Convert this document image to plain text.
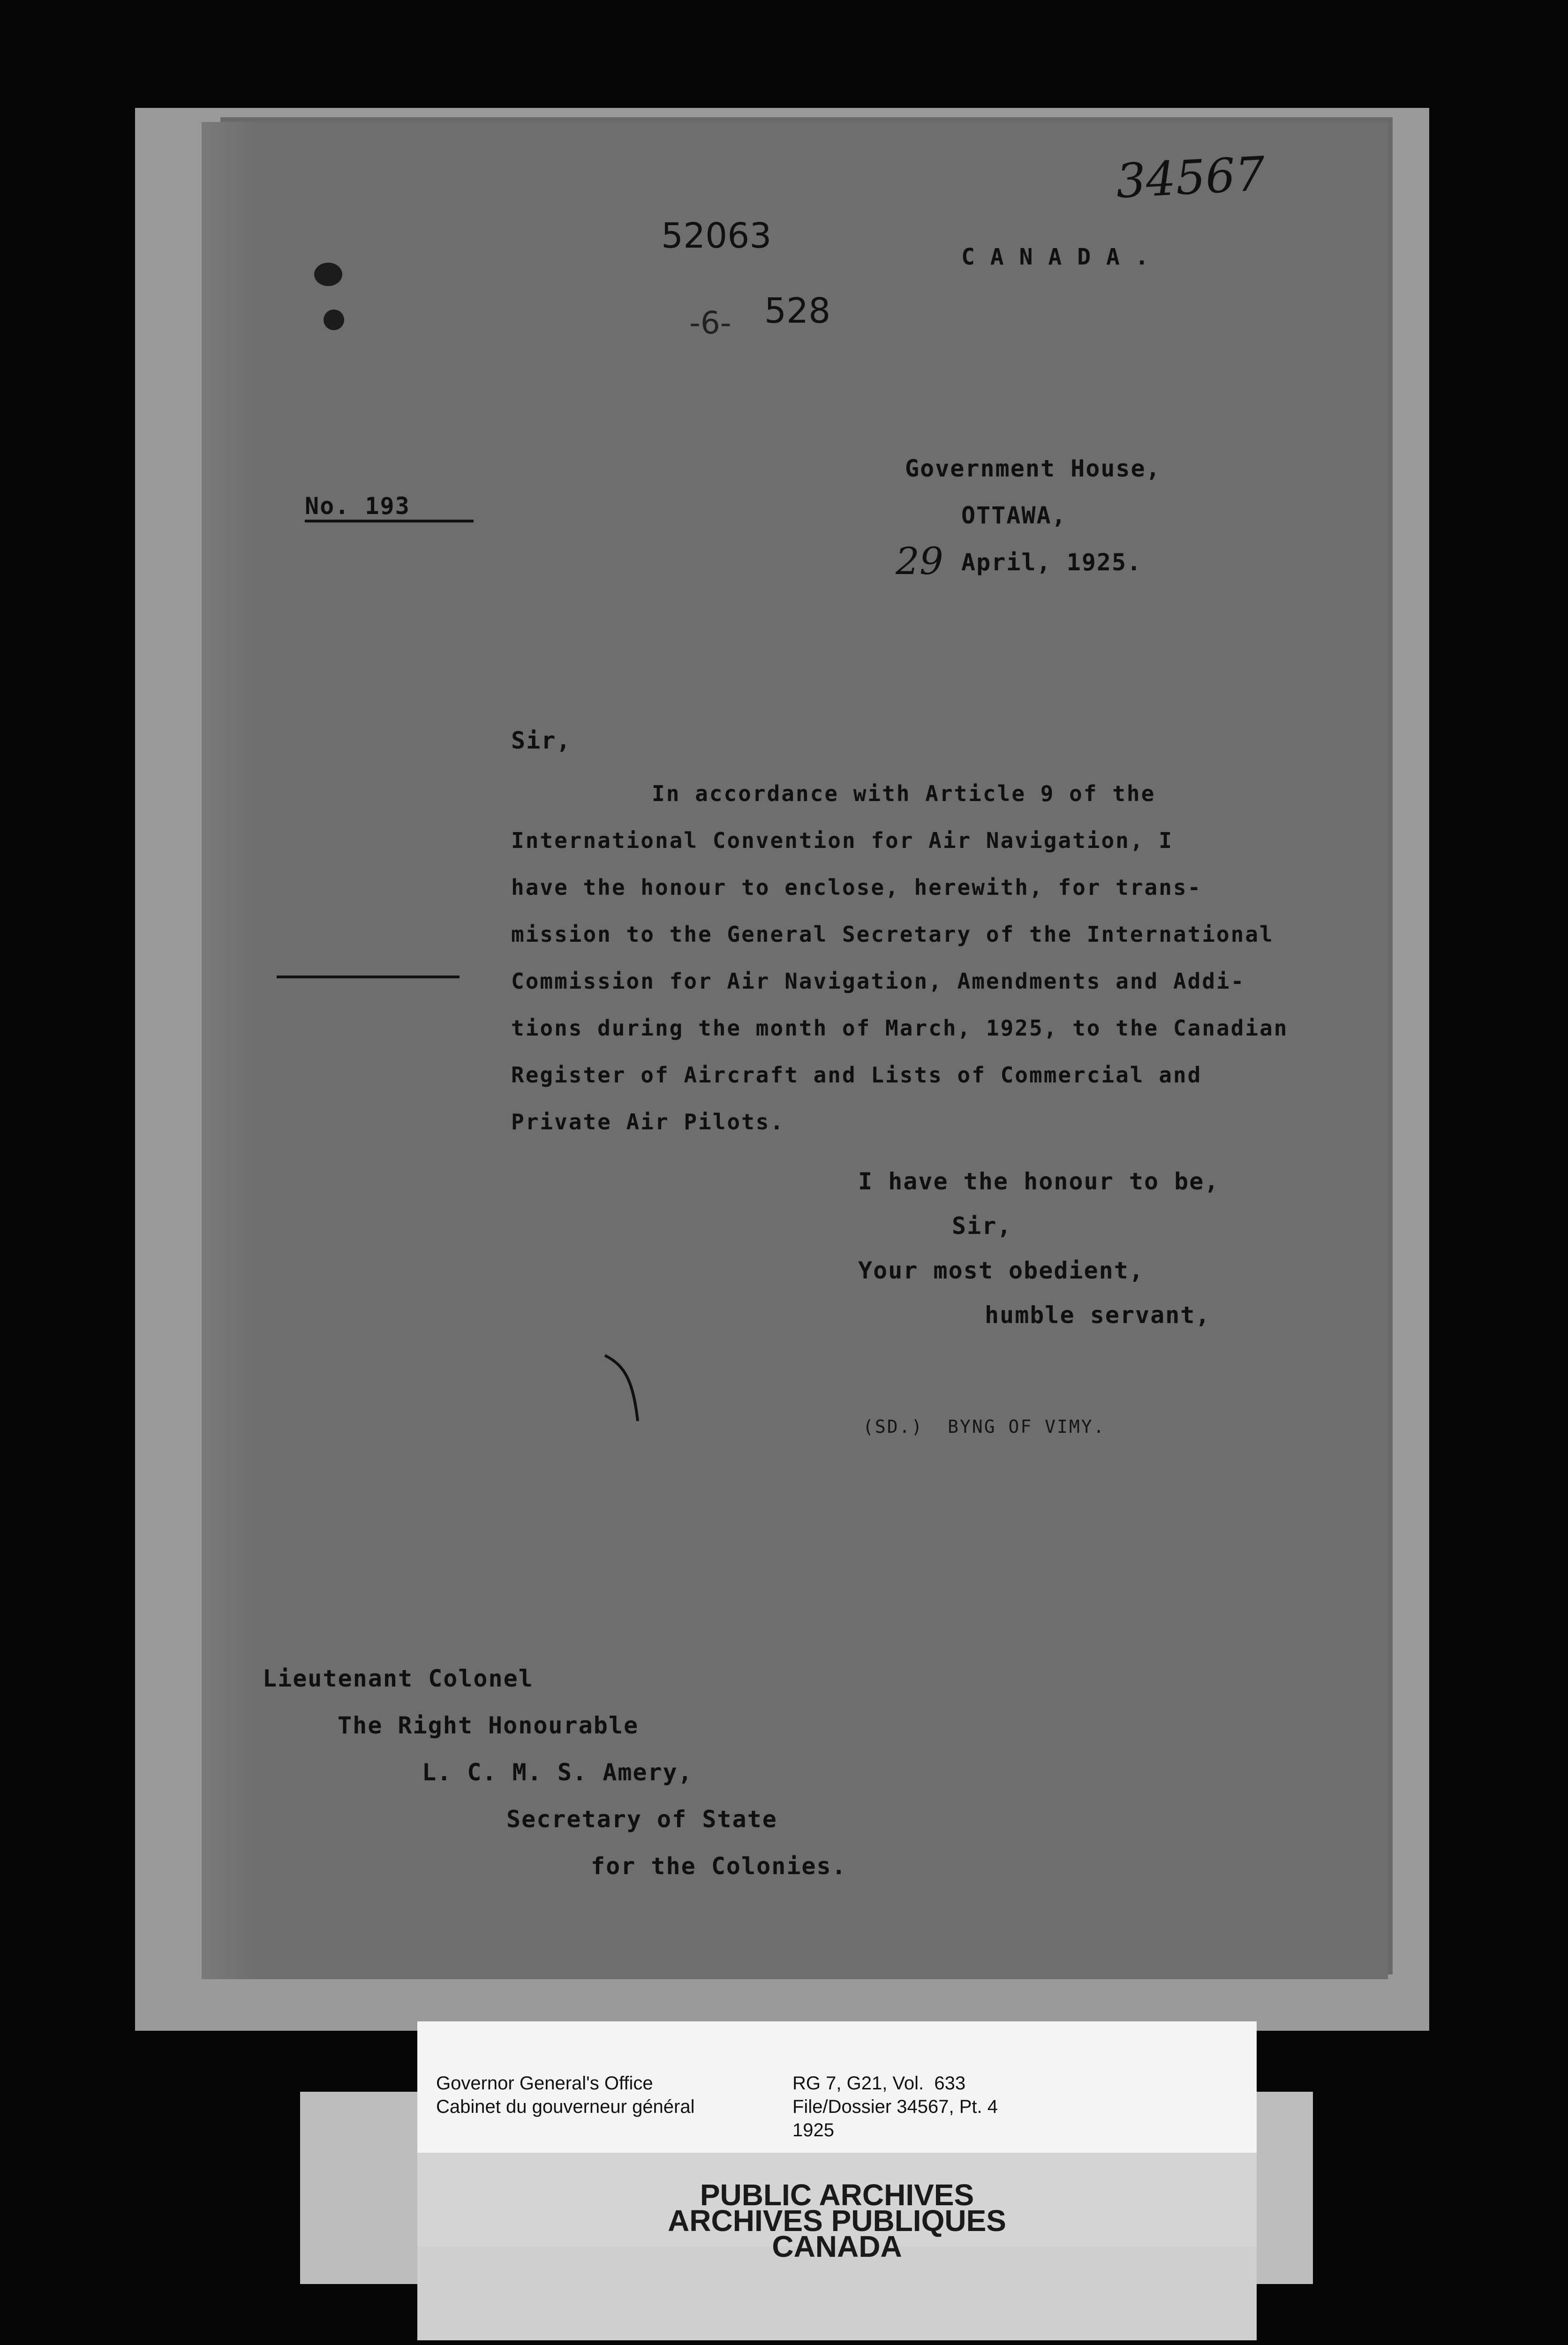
52063
C A N A D A .
34567
-6- 528
No. 193
Government House,
OTTAWA,
29 April, 1925.
Sir,
In accordance with Article 9 of the
International Convention for Air Navigation, I
have the honour to enclose, herewith, for trans-
mission to the General Secretary of the International
Commission for Air Navigation, Amendments and Addi-
tions during the month of March, 1925, to the Canadian
Register of Aircraft and Lists of Commercial and
Private Air Pilots.
I have the honour to be,
Sir,
Your most obedient,
humble servant,
(SD.)  BYNG OF VIMY.
Lieutenant Colonel
The Right Honourable
L. C. M. S. Amery,
Secretary of State
for the Colonies.
Governor General's Office
Cabinet du gouverneur général
RG 7, G21, Vol.  633
File/Dossier 34567, Pt. 4
1925
PUBLIC ARCHIVES
ARCHIVES PUBLIQUES
CANADA
